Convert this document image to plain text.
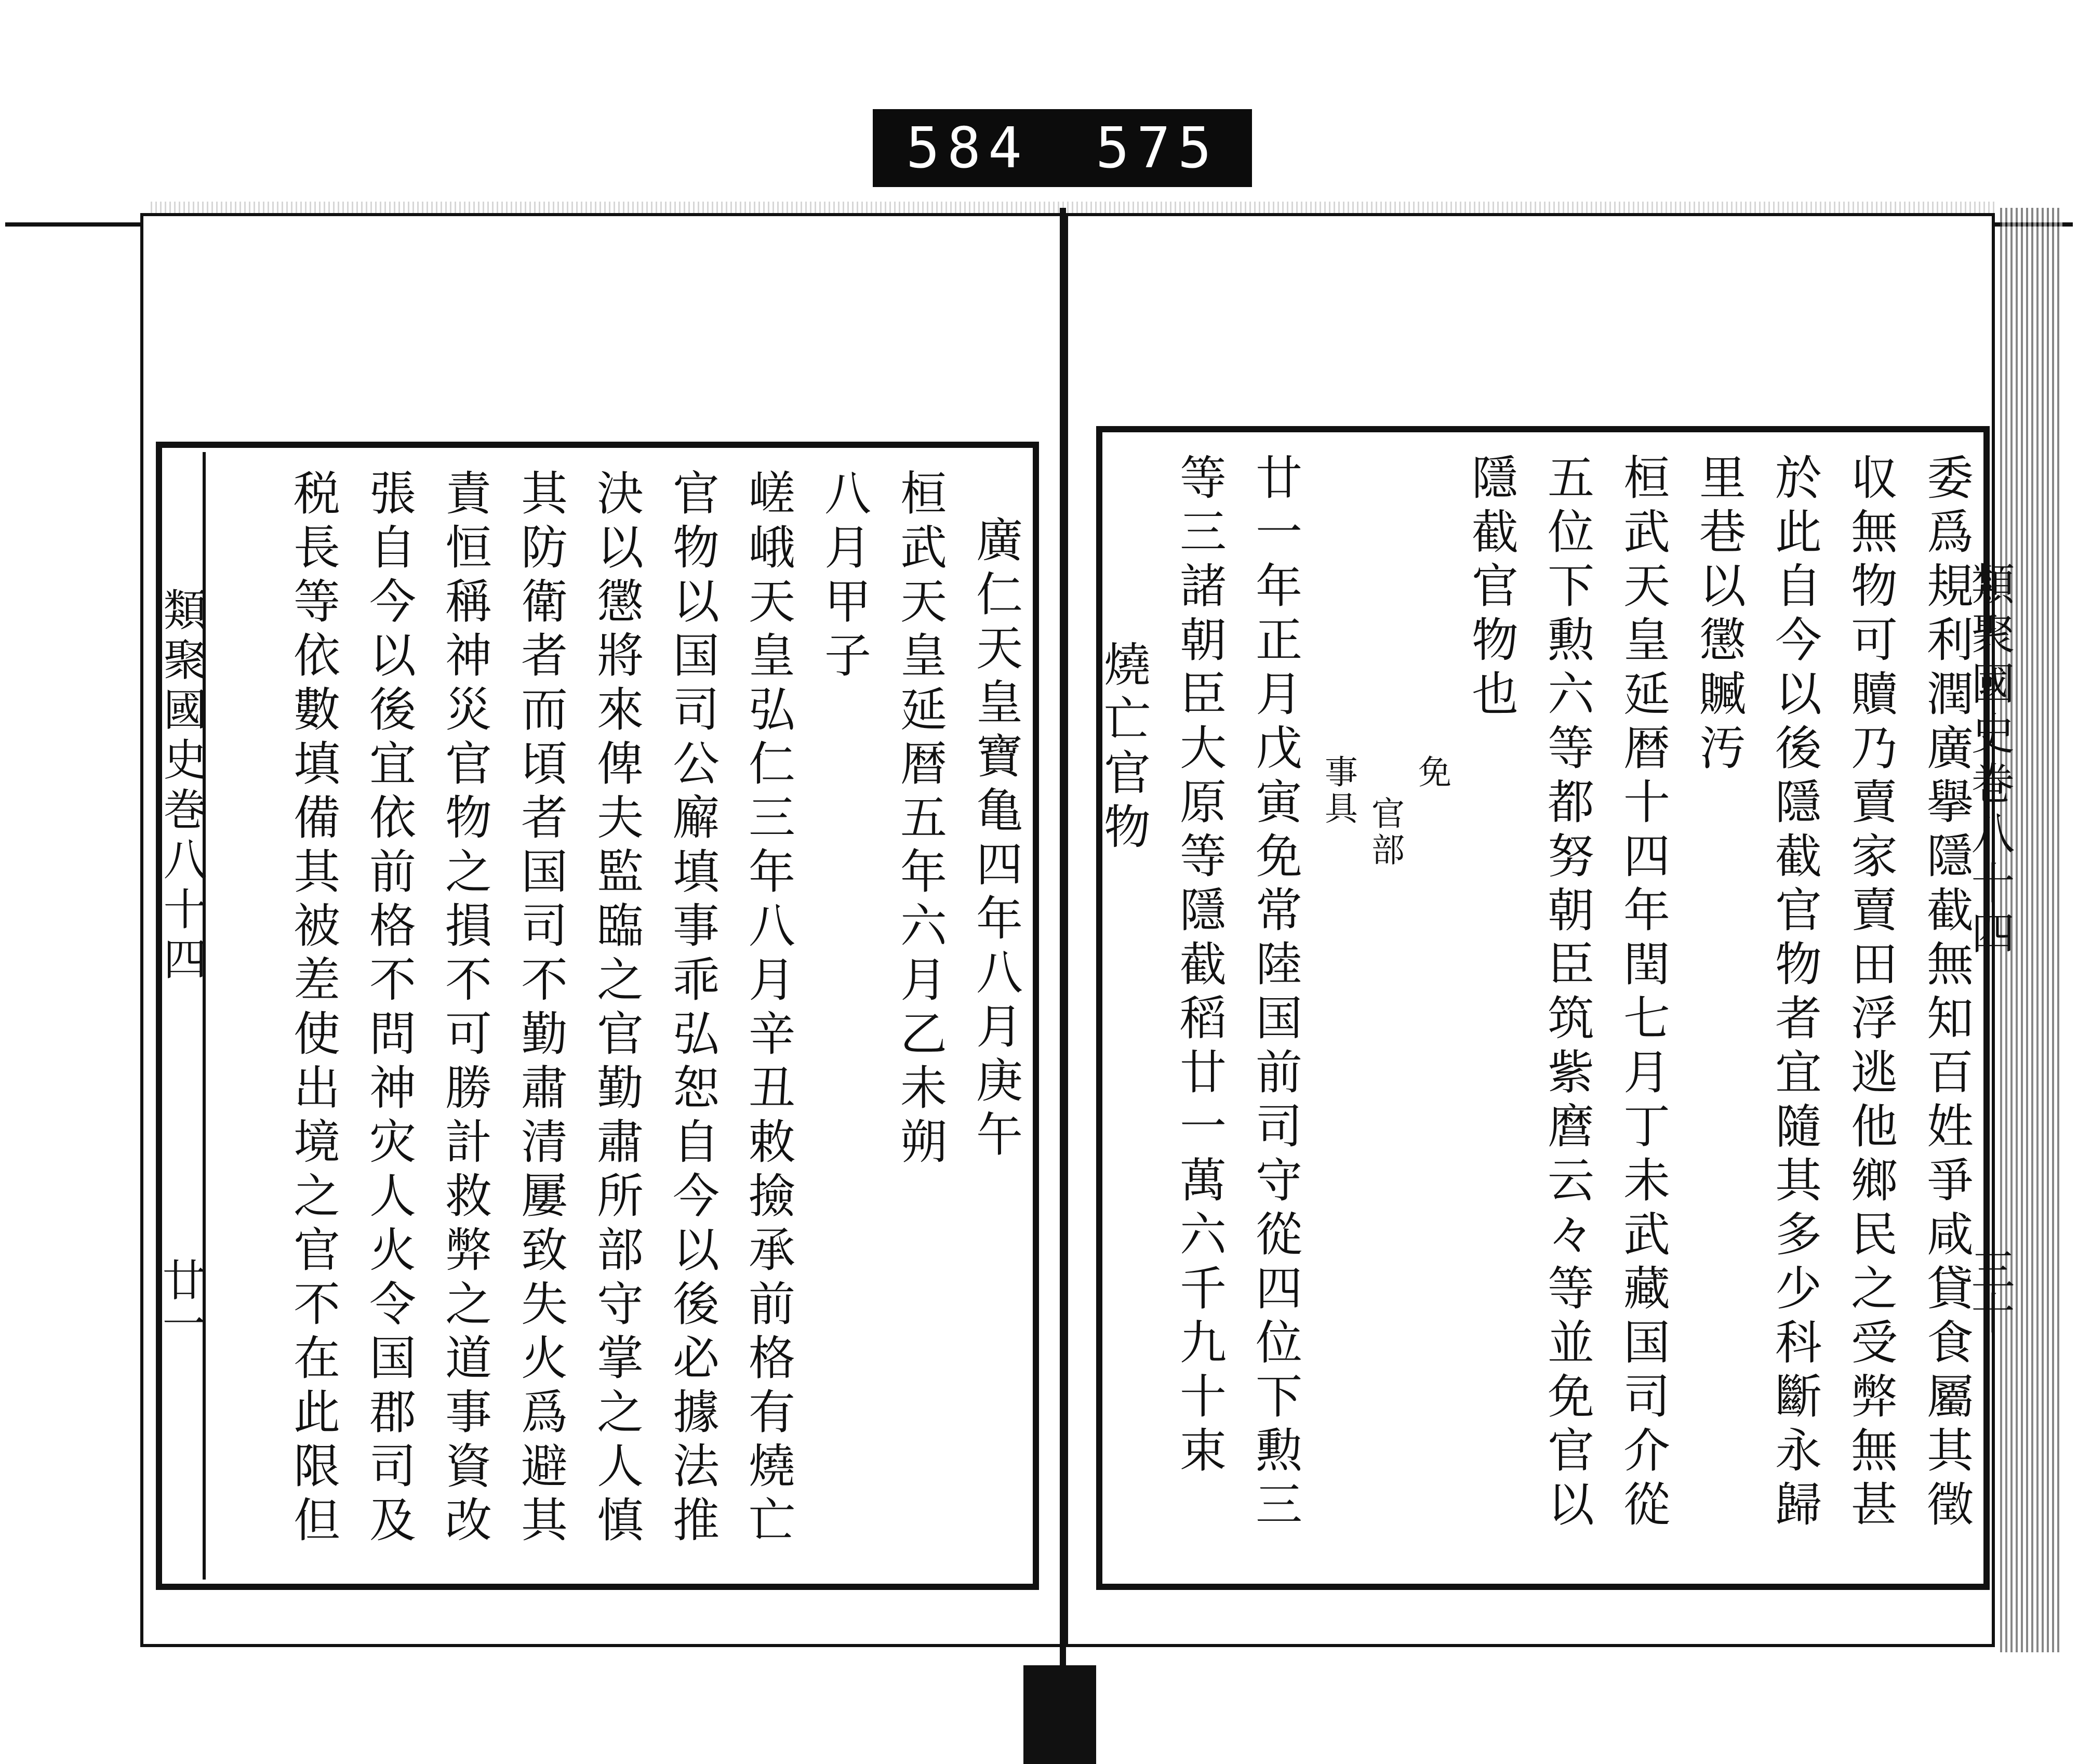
584 575
廣仁天皇寶亀四年八月庚午
桓武天皇延暦五年六月乙未朔
八月甲子
嵯峨天皇弘仁三年八月辛丑敕撿承前格有燒亡
官物以国司公廨填事乖弘恕自今以後必據法推
決以懲將來俾夫監臨之官勤肅所部守掌之人慎
其防衛者而頃者国司不勤肅清屢致失火爲避其
責恒稱神災官物之損不可勝計救弊之道事資改
張自今以後宜依前格不問神灾人火令国郡司及
税長等依數填備其被差使出境之官不在此限但
類聚國史巻八十四
廿一	委爲規利潤廣擧隱截無知百姓爭咸貸食屬其徵
収無物可贖乃賣家賣田浮逃他鄉民之受弊無甚
於此自今以後隱截官物者宜隨其多少科斷永歸
里巷以懲贓汚
桓武天皇延暦十四年閏七月丁未武藏国司介從
五位下勲六等都努朝臣筑紫麿云々等並免官以
隱截官物也
事具
官部
免
廿一年正月戊寅免常陸国前司守從四位下勲三
等三諸朝臣大原等隱截稻廿一萬六千九十束
燒亡官物	類聚國史巻八十四
三十
